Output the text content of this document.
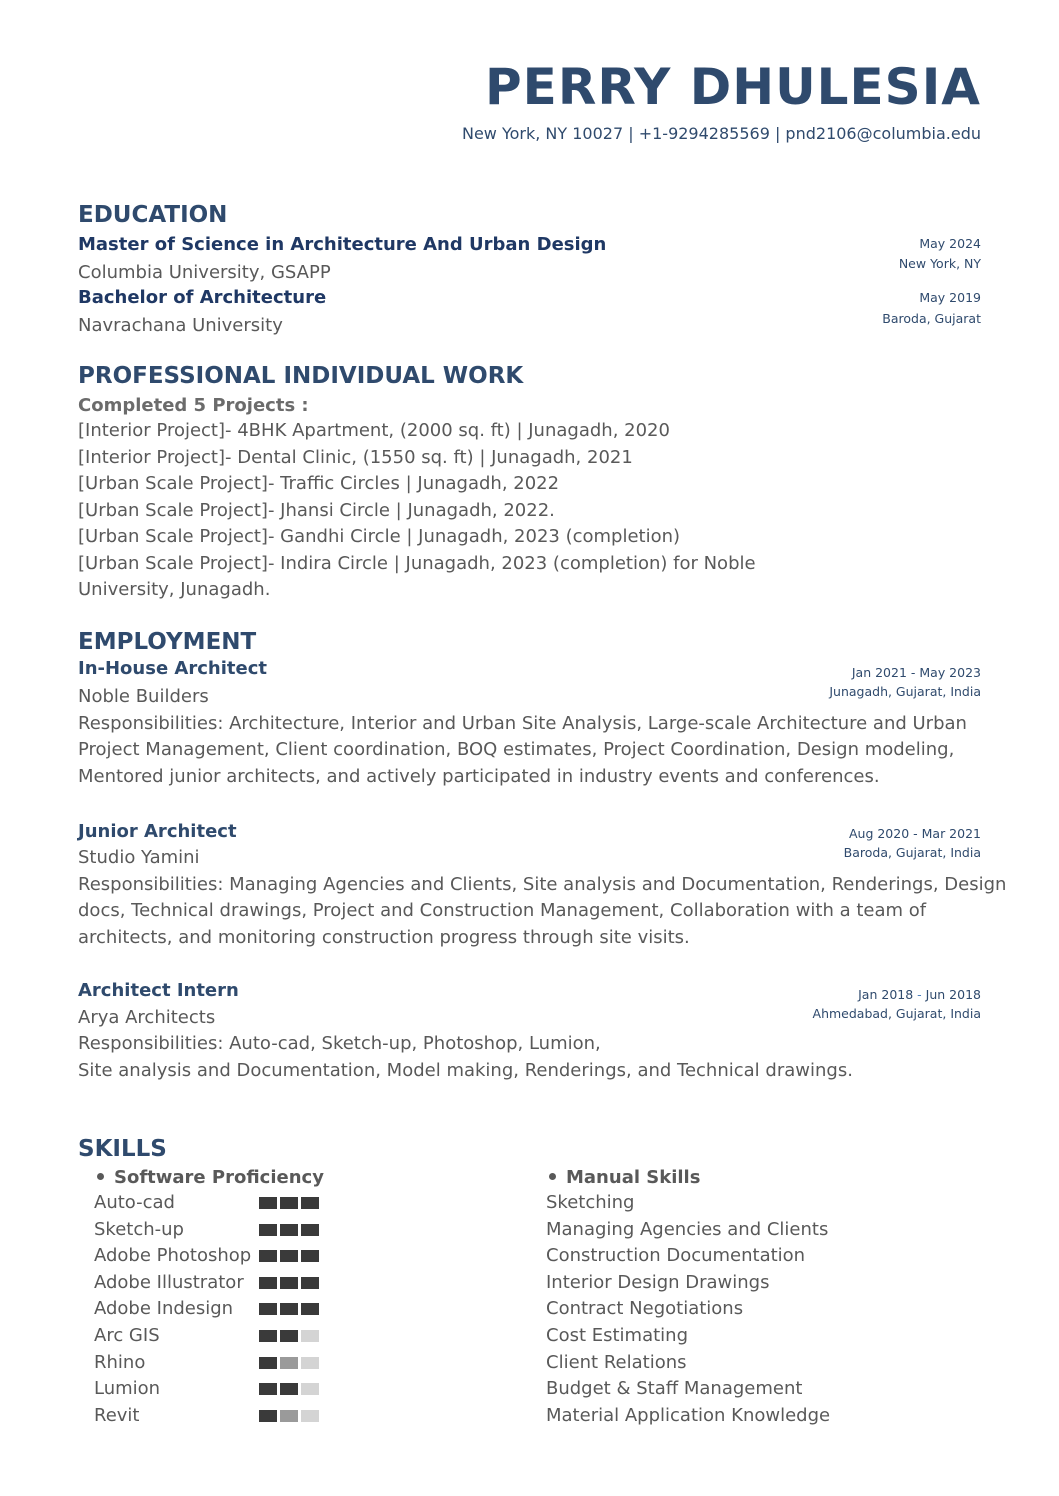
PERRY DHULESIA
New York, NY 10027 | +1-9294285569 | pnd2106@columbia.edu
EDUCATION
Master of Science in Architecture And Urban Design
Columbia University, GSAPP
May 2024
New York, NY
Bachelor of Architecture
Navrachana University
May 2019
Baroda, Gujarat
PROFESSIONAL INDIVIDUAL WORK
Completed 5 Projects :
[Interior Project]- 4BHK Apartment, (2000 sq. ft) | Junagadh, 2020
[Interior Project]- Dental Clinic, (1550 sq. ft) | Junagadh, 2021
[Urban Scale Project]- Traffic Circles | Junagadh, 2022
[Urban Scale Project]- Jhansi Circle | Junagadh, 2022.
[Urban Scale Project]- Gandhi Circle | Junagadh, 2023 (completion)
[Urban Scale Project]- Indira Circle | Junagadh, 2023 (completion) for Noble
University, Junagadh.
EMPLOYMENT
In-House Architect	Jan 2021 - May 2023
Junagadh, Gujarat, India
Noble Builders
Responsibilities: Architecture, Interior and Urban Site Analysis, Large-scale Architecture and Urban
Project Management, Client coordination, BOQ estimates, Project Coordination, Design modeling,
Mentored junior architects, and actively participated in industry events and conferences.
Junior Architect	Aug 2020 - Mar 2021
Baroda, Gujarat, India
Studio Yamini
Responsibilities: Managing Agencies and Clients, Site analysis and Documentation, Renderings, Design
docs, Technical drawings, Project and Construction Management, Collaboration with a team of
architects, and monitoring construction progress through site visits.
Architect Intern	Jan 2018 - Jun 2018
Ahmedabad, Gujarat, India
Arya Architects
Responsibilities: Auto-cad, Sketch-up, Photoshop, Lumion,
Site analysis and Documentation, Model making, Renderings, and Technical drawings.
SKILLS
Software Proficiency
Auto-cad
Sketch-up
Adobe Photoshop
Adobe Illustrator
Adobe Indesign
Arc GIS
Rhino
Lumion
Revit
Manual Skills
Sketching
Managing Agencies and Clients
Construction Documentation
Interior Design Drawings
Contract Negotiations
Cost Estimating
Client Relations
Budget & Staff Management
Material Application Knowledge
